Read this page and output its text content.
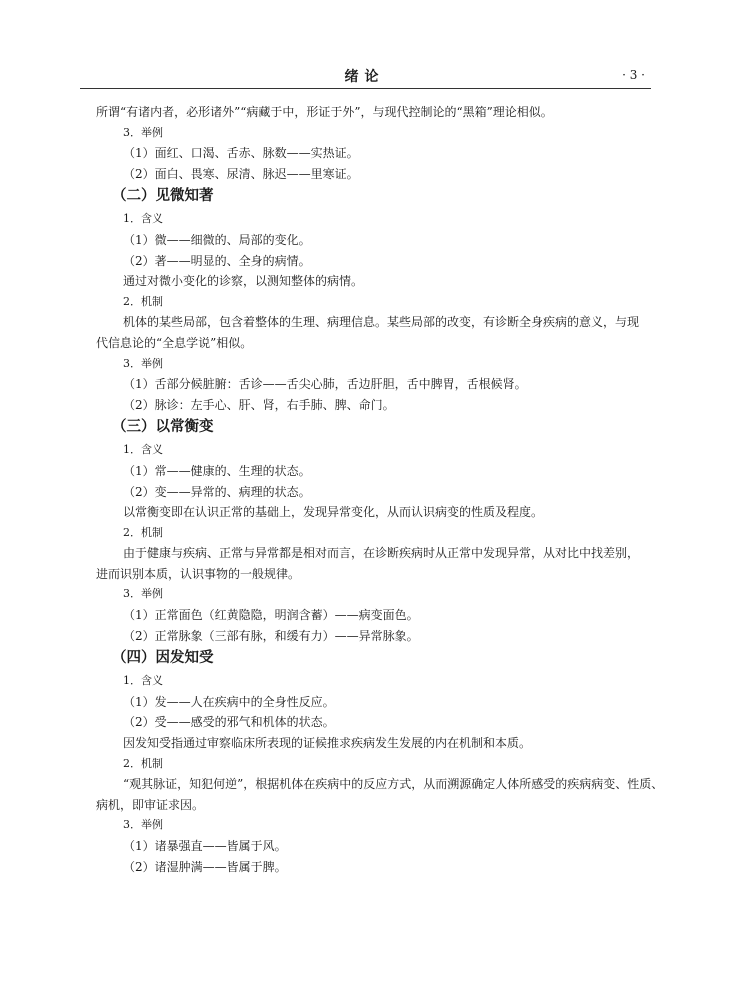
绪论	· 3 ·
所谓“有诸内者，必形诸外”“病藏于中，形证于外”，与现代控制论的“黑箱”理论相似。
3．举例
（1）面红、口渴、舌赤、脉数——实热证。
（2）面白、畏寒、尿清、脉迟——里寒证。
（二）见微知著
1．含义
（1）微——细微的、局部的变化。
（2）著——明显的、全身的病情。
通过对微小变化的诊察，以测知整体的病情。
2．机制
机体的某些局部，包含着整体的生理、病理信息。某些局部的改变，有诊断全身疾病的意义，与现
代信息论的“全息学说”相似。
3．举例
（1）舌部分候脏腑：舌诊——舌尖心肺，舌边肝胆，舌中脾胃，舌根候肾。
（2）脉诊：左手心、肝、肾，右手肺、脾、命门。
（三）以常衡变
1．含义
（1）常——健康的、生理的状态。
（2）变——异常的、病理的状态。
以常衡变即在认识正常的基础上，发现异常变化，从而认识病变的性质及程度。
2．机制
由于健康与疾病、正常与异常都是相对而言，在诊断疾病时从正常中发现异常，从对比中找差别，
进而识别本质，认识事物的一般规律。
3．举例
（1）正常面色（红黄隐隐，明润含蓄）——病变面色。
（2）正常脉象（三部有脉，和缓有力）——异常脉象。
（四）因发知受
1．含义
（1）发——人在疾病中的全身性反应。
（2）受——感受的邪气和机体的状态。
因发知受指通过审察临床所表现的证候推求疾病发生发展的内在机制和本质。
2．机制
“观其脉证，知犯何逆”，根据机体在疾病中的反应方式，从而溯源确定人体所感受的疾病病变、性质、
病机，即审证求因。
3．举例
（1）诸暴强直——皆属于风。
（2）诸湿肿满——皆属于脾。
